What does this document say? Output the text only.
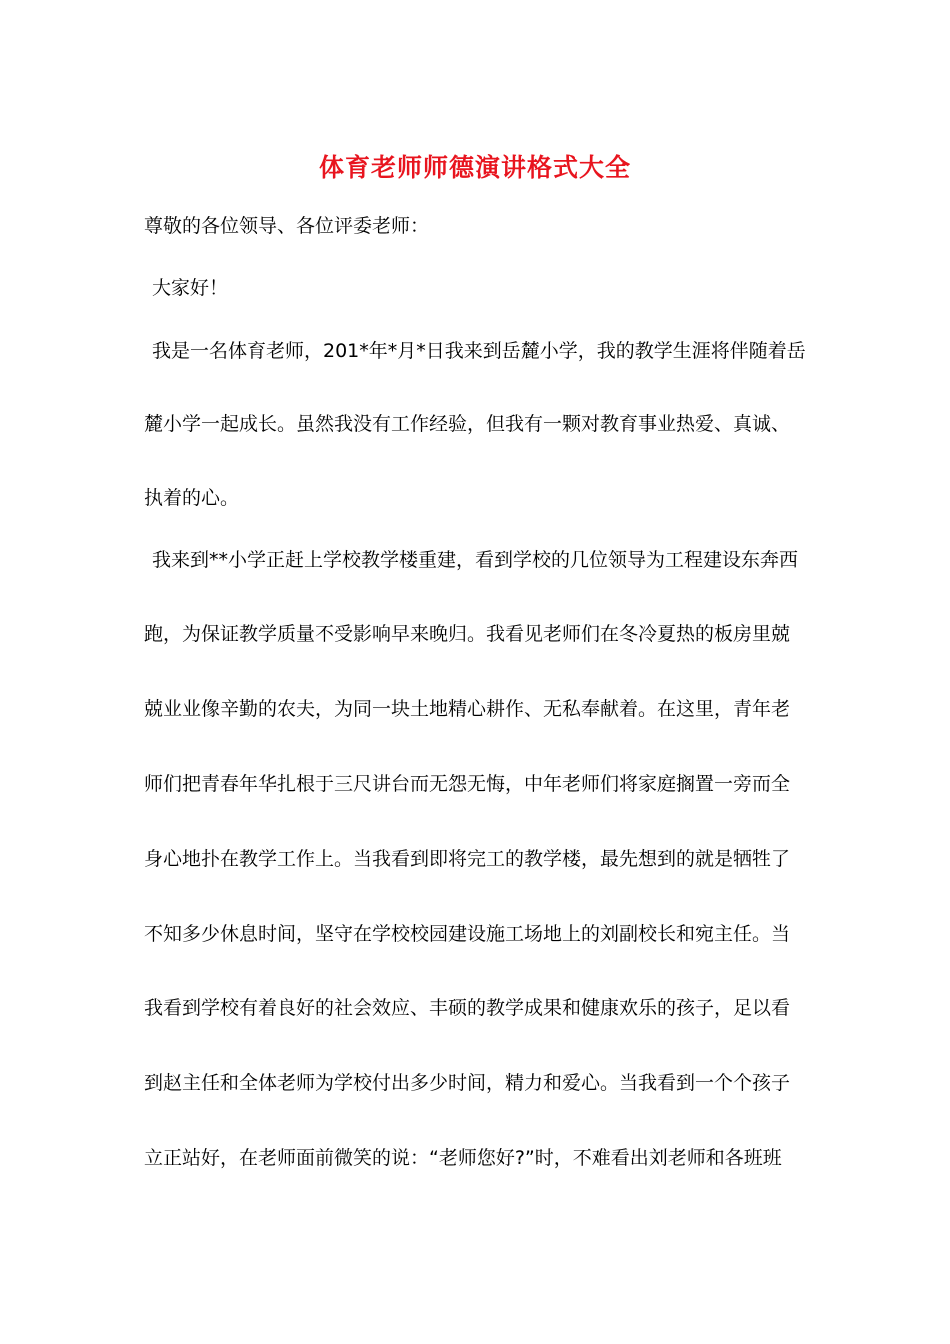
体育老师师德演讲格式大全
尊敬的各位领导、各位评委老师：
大家好！
我是一名体育老师，201*年*月*日我来到岳麓小学，我的教学生涯将伴随着岳
麓小学一起成长。虽然我没有工作经验，但我有一颗对教育事业热爱、真诚、
执着的心。
我来到**小学正赶上学校教学楼重建，看到学校的几位领导为工程建设东奔西
跑，为保证教学质量不受影响早来晚归。我看见老师们在冬冷夏热的板房里兢
兢业业像辛勤的农夫，为同一块土地精心耕作、无私奉献着。在这里，青年老
师们把青春年华扎根于三尺讲台而无怨无悔，中年老师们将家庭搁置一旁而全
身心地扑在教学工作上。当我看到即将完工的教学楼，最先想到的就是牺牲了
不知多少休息时间，坚守在学校校园建设施工场地上的刘副校长和宛主任。当
我看到学校有着良好的社会效应、丰硕的教学成果和健康欢乐的孩子，足以看
到赵主任和全体老师为学校付出多少时间，精力和爱心。当我看到一个个孩子
立正站好，在老师面前微笑的说：“老师您好?”时，不难看出刘老师和各班班
